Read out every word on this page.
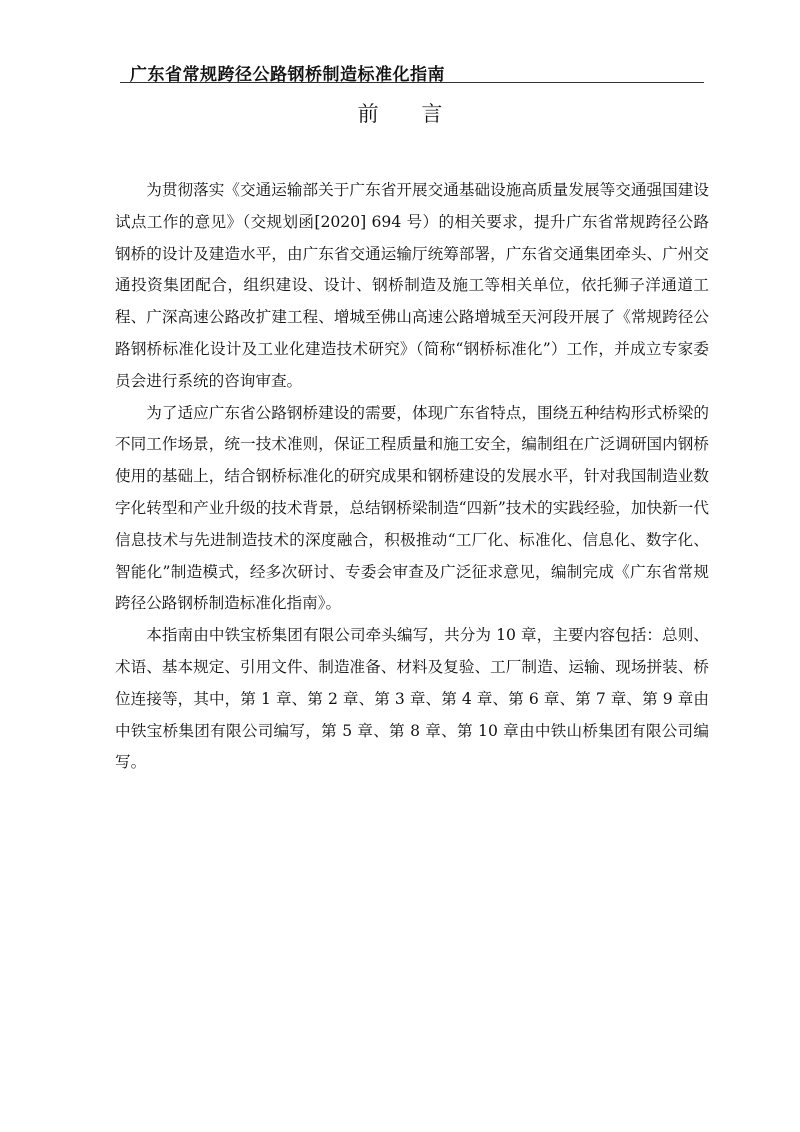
广东省常规跨径公路钢桥制造标准化指南
前 言

为贯彻落实《交通运输部关于广东省开展交通基础设施高质量发展等交通强国建设试点工作的意见》（交规划函[2020] 694 号）的相关要求，提升广东省常规跨径公路钢桥的设计及建造水平，由广东省交通运输厅统筹部署，广东省交通集团牵头、广州交通投资集团配合，组织建设、设计、钢桥制造及施工等相关单位，依托狮子洋通道工程、广深高速公路改扩建工程、增城至佛山高速公路增城至天河段开展了《常规跨径公路钢桥标准化设计及工业化建造技术研究》（简称“钢桥标准化”）工作，并成立专家委员会进行系统的咨询审查。

为了适应广东省公路钢桥建设的需要，体现广东省特点，围绕五种结构形式桥梁的不同工作场景，统一技术准则，保证工程质量和施工安全，编制组在广泛调研国内钢桥使用的基础上，结合钢桥标准化的研究成果和钢桥建设的发展水平，针对我国制造业数字化转型和产业升级的技术背景，总结钢桥梁制造“四新”技术的实践经验，加快新一代信息技术与先进制造技术的深度融合，积极推动“工厂化、标准化、信息化、数字化、智能化”制造模式，经多次研讨、专委会审查及广泛征求意见，编制完成《广东省常规跨径公路钢桥制造标准化指南》。

本指南由中铁宝桥集团有限公司牵头编写，共分为 10 章，主要内容包括：总则、术语、基本规定、引用文件、制造准备、材料及复验、工厂制造、运输、现场拼装、桥位连接等，其中，第 1 章、第 2 章、第 3 章、第 4 章、第 6 章、第 7 章、第 9 章由中铁宝桥集团有限公司编写，第 5 章、第 8 章、第 10 章由中铁山桥集团有限公司编写。
